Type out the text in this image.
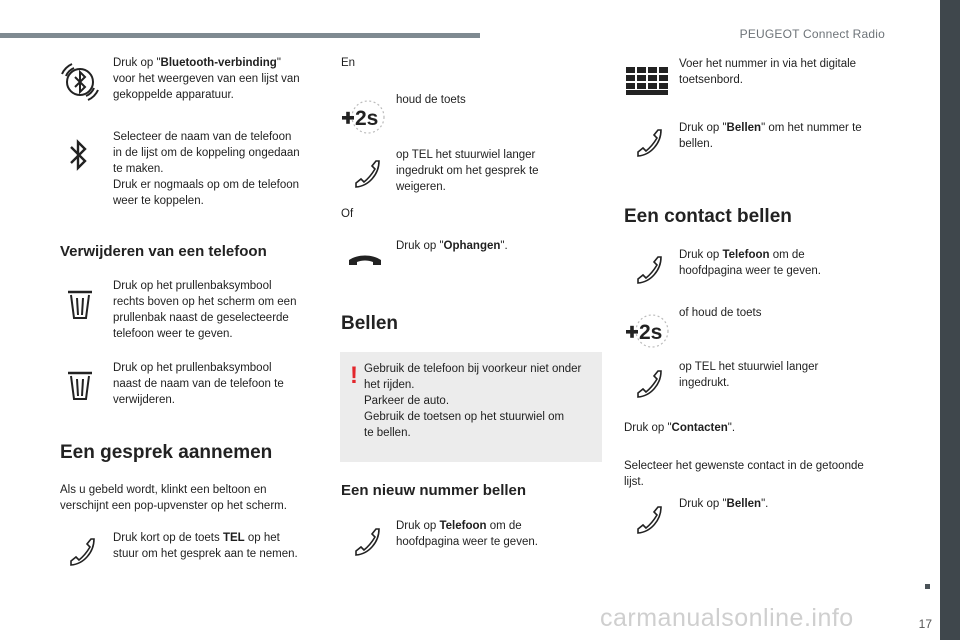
PEUGEOT Connect Radio
17
Druk op "Bluetooth-verbinding"
voor het weergeven van een lijst van
gekoppelde apparatuur.
Selecteer de naam van de telefoon
in de lijst om de koppeling ongedaan
te maken.
Druk er nogmaals op om de telefoon
weer te koppelen.
Verwijderen van een telefoon
Druk op het prullenbaksymbool
rechts boven op het scherm om een
prullenbak naast de geselecteerde
telefoon weer te geven.
Druk op het prullenbaksymbool
naast de naam van de telefoon te
verwijderen.
Een gesprek aannemen
Als u gebeld wordt, klinkt een beltoon en
verschijnt een pop-upvenster op het scherm.
Druk kort op de toets TEL op het
stuur om het gesprek aan te nemen.
En
2s
houd de toets
op TEL het stuurwiel langer
ingedrukt om het gesprek te
weigeren.
Of
Druk op "Ophangen".
Bellen
! Gebruik de telefoon bij voorkeur niet onder
het rijden.
Parkeer de auto.
Gebruik de toetsen op het stuurwiel om
te bellen.
Een nieuw nummer bellen
Druk op Telefoon om de
hoofdpagina weer te geven.
Voer het nummer in via het digitale
toetsenbord.
Druk op "Bellen" om het nummer te
bellen.
Een contact bellen
Druk op Telefoon om de
hoofdpagina weer te geven.
2s
of houd de toets
op TEL het stuurwiel langer
ingedrukt.
Druk op "Contacten".
Selecteer het gewenste contact in de getoonde
lijst.
Druk op "Bellen".
carmanualsonline.info
